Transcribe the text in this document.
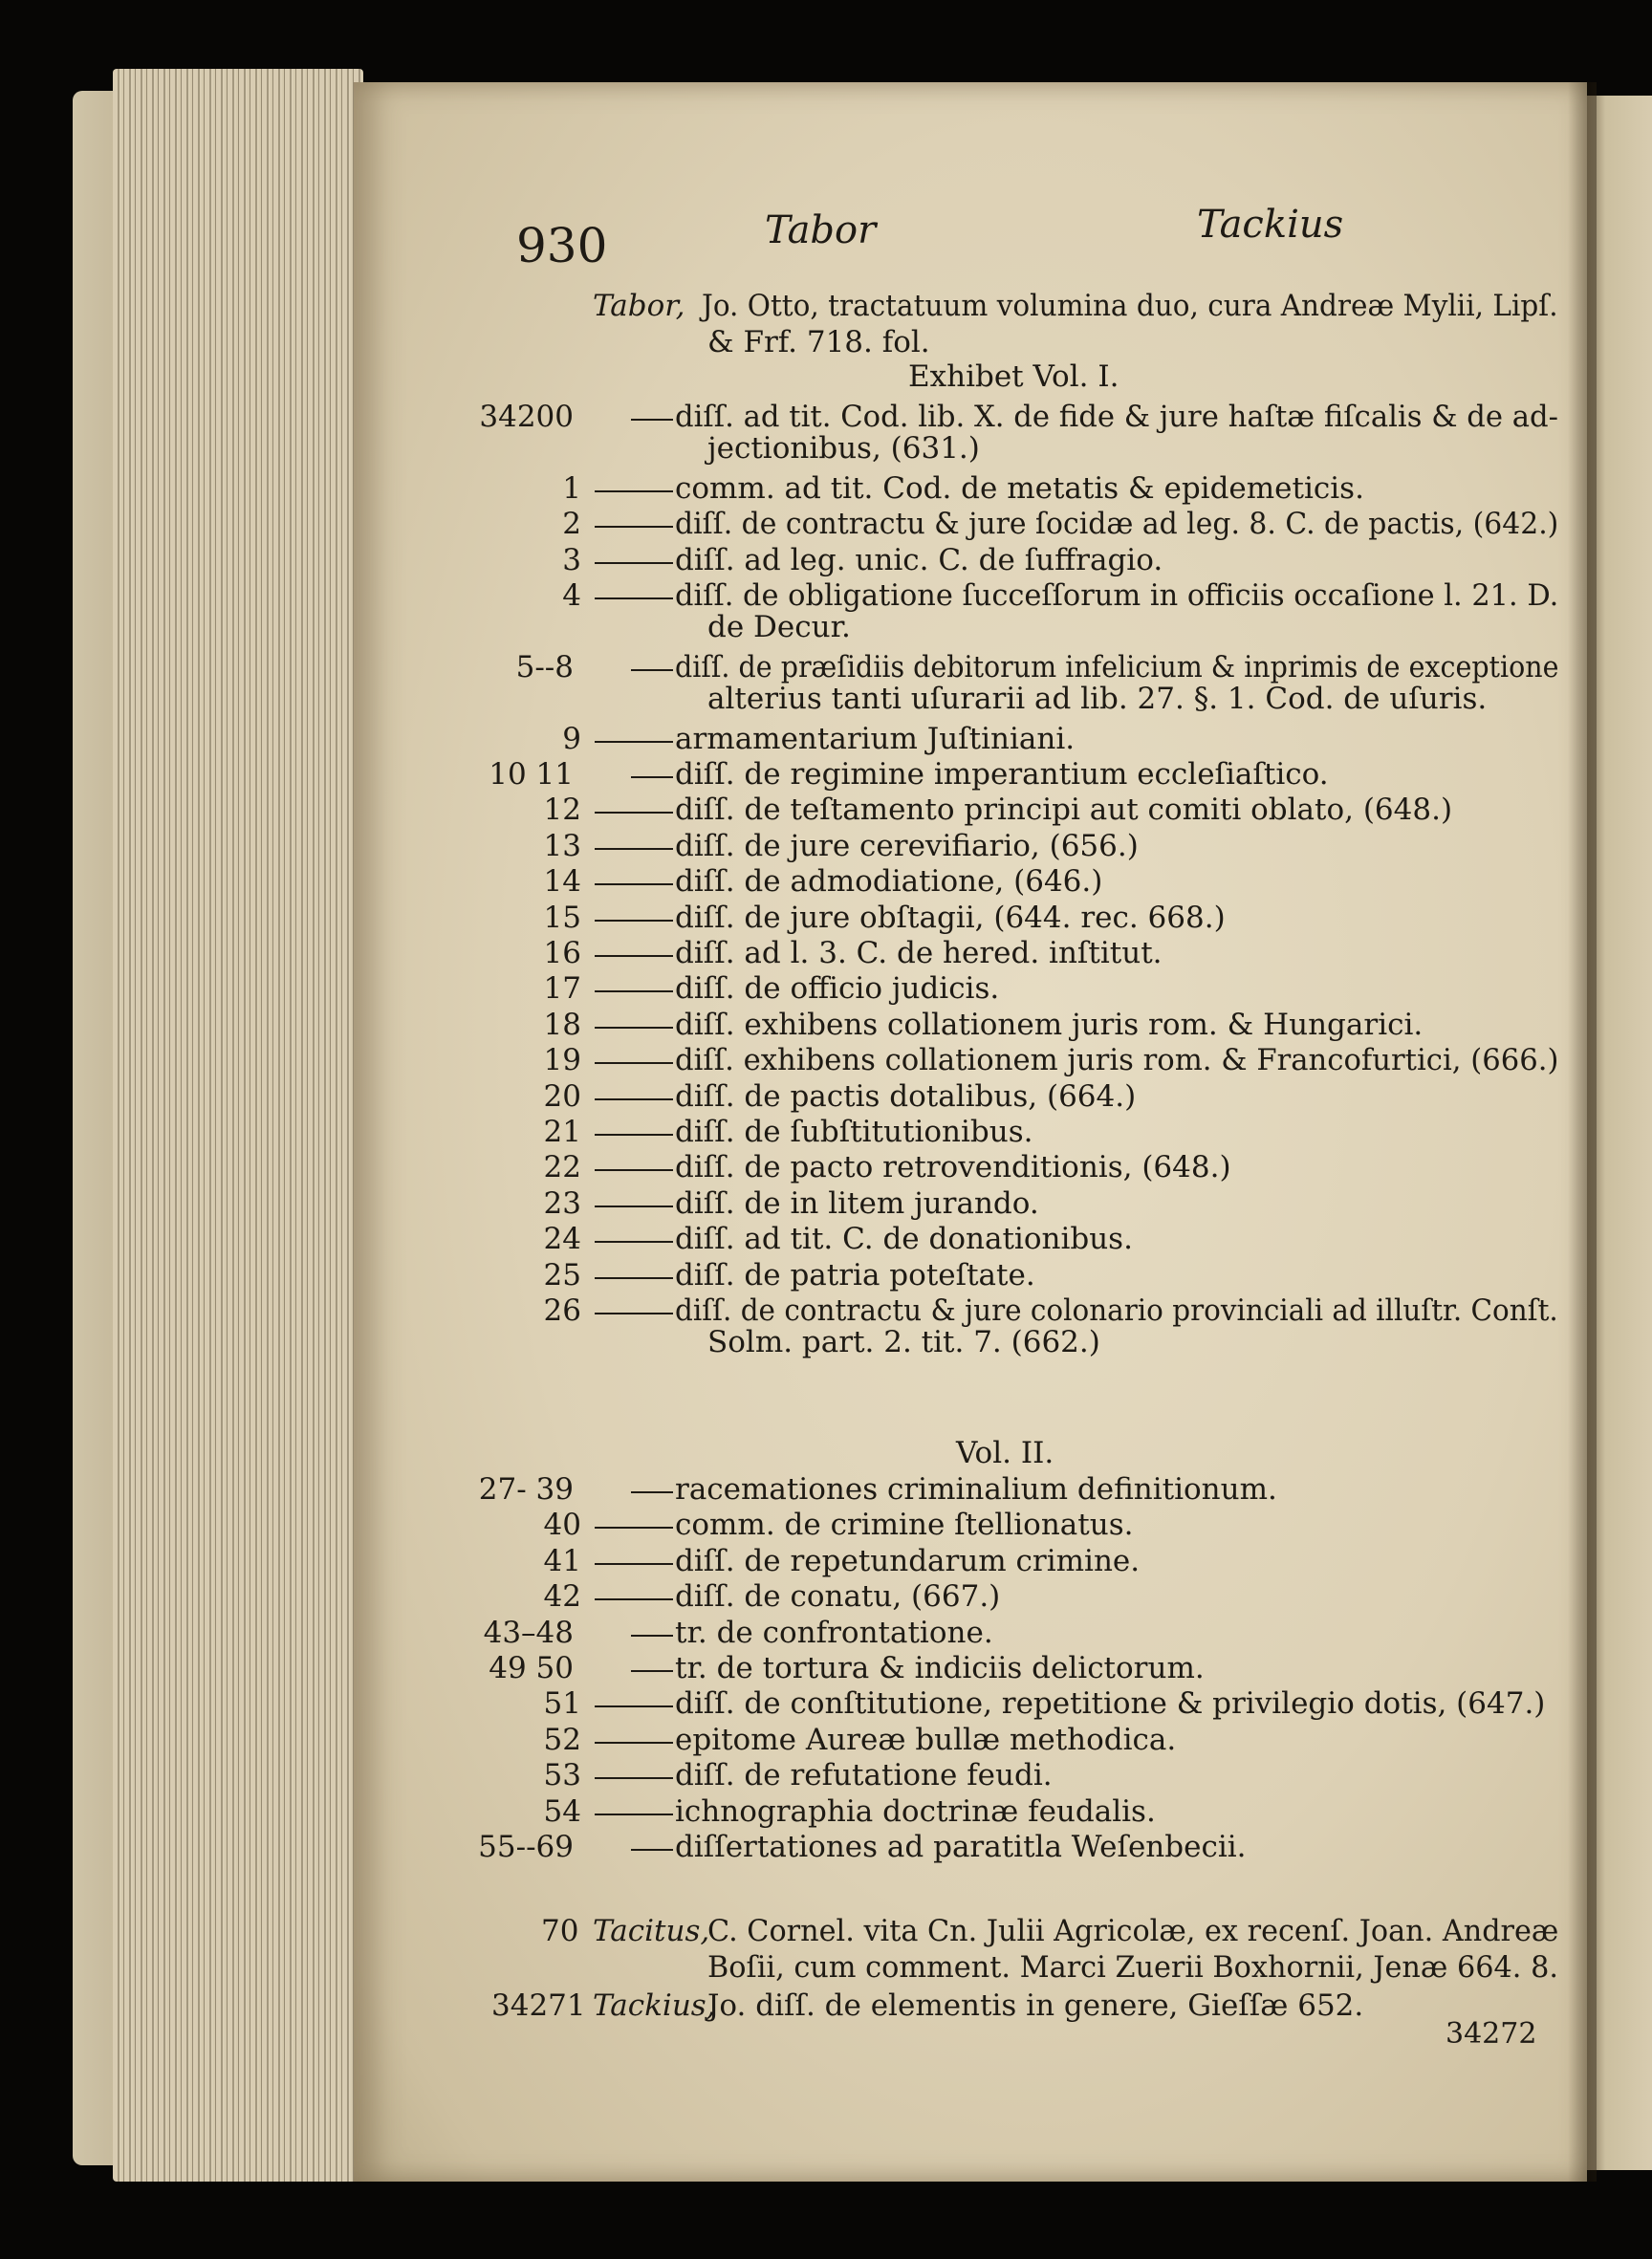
930	Tabor	Tackius
Tabor, Jo. Otto, tractatuum volumina duo, cura Andreæ Mylii, Lipſ.
& Frf. 718. fol.
Exhibet Vol. I.
34200	diſſ. ad tit. Cod. lib. X. de fide & jure haſtæ fiſcalis & de ad-
jectionibus, (631.)
1	comm. ad tit. Cod. de metatis & epidemeticis.
2	diſſ. de contractu & jure ſocidæ ad leg. 8. C. de pactis, (642.)
3	diſſ. ad leg. unic. C. de ſuffragio.
4	diſſ. de obligatione ſucceſſorum in officiis occaſione l. 21. D.
de Decur.
5--8	diſſ. de præſidiis debitorum infelicium & inprimis de exceptione
alterius tanti uſurarii ad lib. 27. §. 1. Cod. de uſuris.
9	armamentarium Juſtiniani.
10 11	diſſ. de regimine imperantium eccleſiaſtico.
12	diſſ. de teſtamento principi aut comiti oblato, (648.)
13	diſſ. de jure cerevifiario, (656.)
14	diſſ. de admodiatione, (646.)
15	diſſ. de jure obſtagii, (644. rec. 668.)
16	diſſ. ad l. 3. C. de hered. inſtitut.
17	diſſ. de officio judicis.
18	diſſ. exhibens collationem juris rom. & Hungarici.
19	diſſ. exhibens collationem juris rom. & Francofurtici, (666.)
20	diſſ. de pactis dotalibus, (664.)
21	diſſ. de ſubſtitutionibus.
22	diſſ. de pacto retrovenditionis, (648.)
23	diſſ. de in litem jurando.
24	diſſ. ad tit. C. de donationibus.
25	diſſ. de patria poteſtate.
26	diſſ. de contractu & jure colonario provinciali ad illuſtr. Conſt.
Solm. part. 2. tit. 7. (662.)
Vol. II.
27- 39	racemationes criminalium definitionum.
40	comm. de crimine ſtellionatus.
41	diſſ. de repetundarum crimine.
42	diſſ. de conatu, (667.)
43–48	tr. de confrontatione.
49 50	tr. de tortura & indiciis delictorum.
51	diſſ. de conſtitutione, repetitione & privilegio dotis, (647.)
52	epitome Aureæ bullæ methodica.
53	diſſ. de refutatione feudi.
54	ichnographia doctrinæ feudalis.
55--69	diſſertationes ad paratitla Weſenbecii.
70 Tacitus,
C. Cornel. vita Cn. Julii Agricolæ, ex recenſ. Joan. Andreæ
Boſii, cum comment. Marci Zuerii Boxhornii, Jenæ 664. 8.
34271 Tackius,
Jo. diſſ. de elementis in genere, Gieſſæ 652.
34272
